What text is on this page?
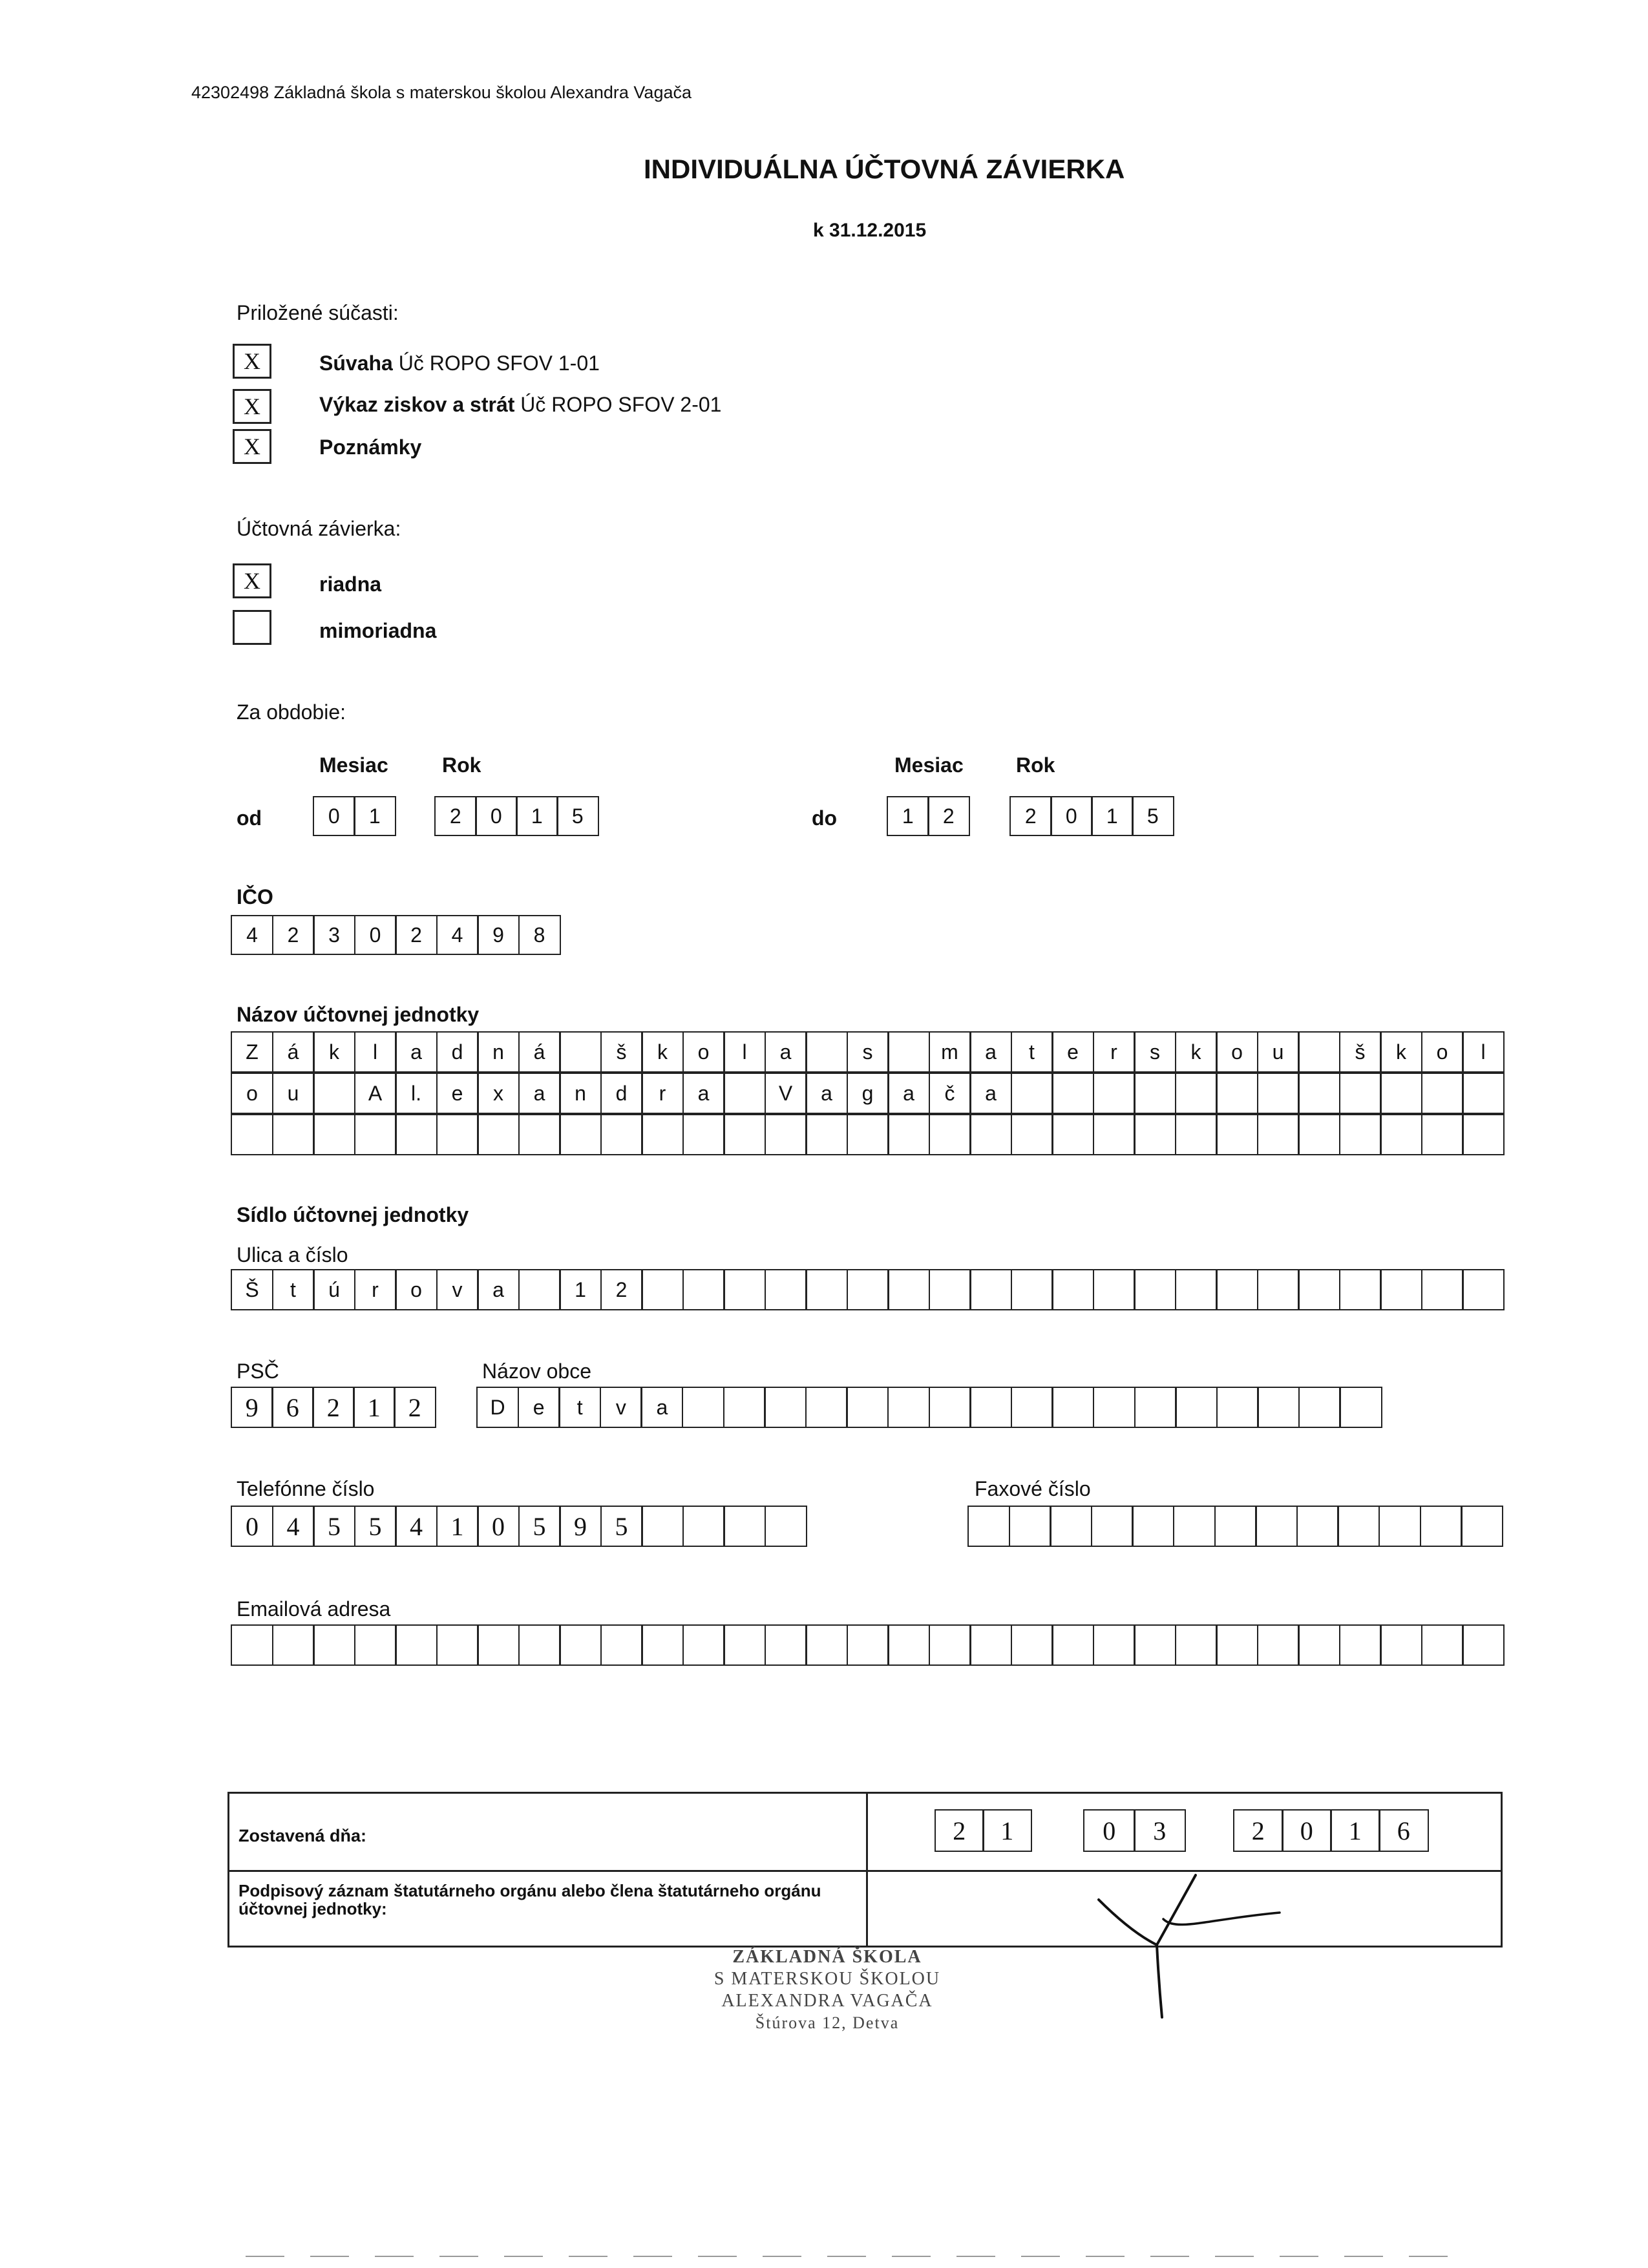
42302498 Základná škola s materskou školou Alexandra Vagača
INDIVIDUÁLNA ÚČTOVNÁ ZÁVIERKA
k 31.12.2015
Priložené súčasti:
X	Súvaha Úč ROPO SFOV 1-01
X	Výkaz ziskov a strát Úč ROPO SFOV 2-01
X	Poznámky
Účtovná závierka:
X	riadna
mimoriadna
Za obdobie:
Mesiac	Rok	Mesiac	Rok
od	0	1	2	0	1	5	do	1	2	2	0	1	5
IČO
4	2	3	0	2	4	9	8
Názov účtovnej jednotky
Z	á	k	l	a	d	n	á	š	k	o	l	a	s	m	a	t	e	r	s	k	o	u	š	k	o	l
o	u	A	l.	e	x	a	n	d	r	a	V	a	g	a	č	a
Sídlo účtovnej jednotky
Ulica a číslo
Š	t	ú	r	o	v	a	1	2
PSČ
9	6	2	1	2
Názov obce
D	e	t	v	a
Telefónne číslo
0	4	5	5	4	1	0	5	9	5
Faxové číslo
Emailová adresa
Zostavená dňa:
Podpisový záznam štatutárneho orgánu alebo člena štatutárneho orgánu účtovnej jednotky:
2	1	0	3	2	0	1	6
ZÁKLADNÁ ŠKOLA
S MATERSKOU ŠKOLOU
ALEXANDRA VAGAČA
Štúrova 12, Detva
